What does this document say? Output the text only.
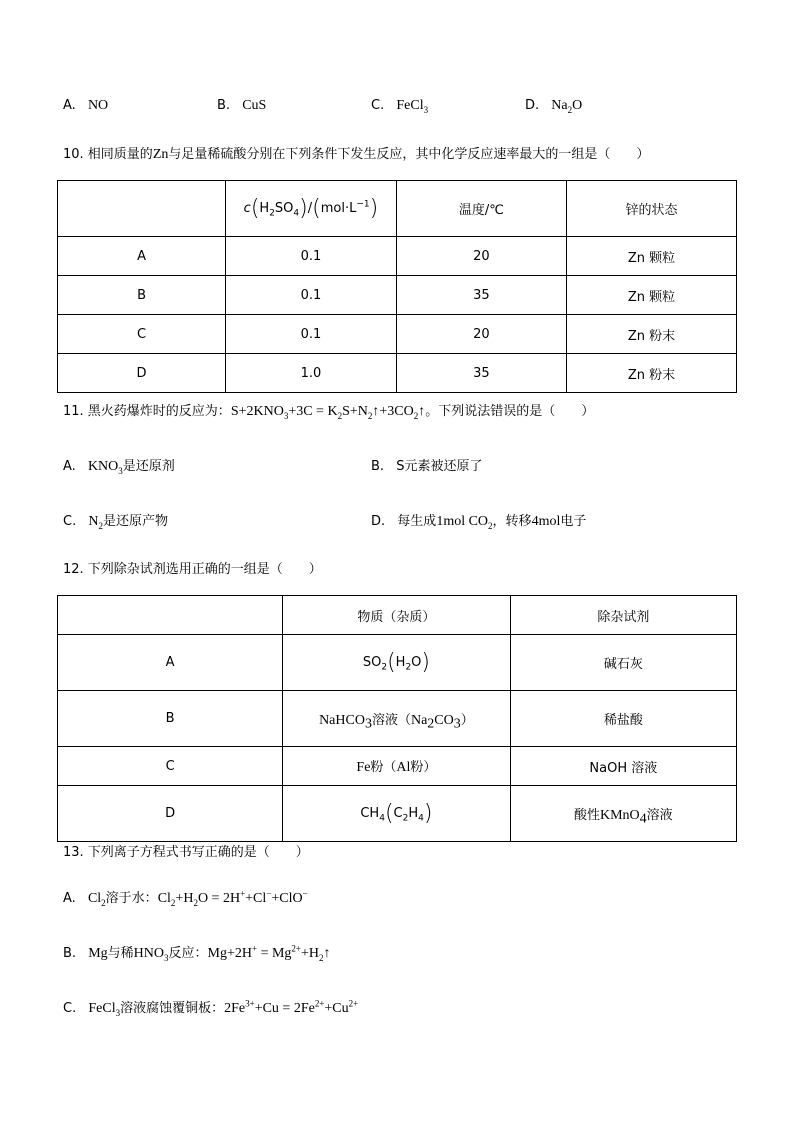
A. NO	B. CuS	C. FeCl$_3$	D. $Na_2O$
10. 相同质量的Zn与足量稀硫酸分别在下列条件下发生反应，其中化学反应速率最大的一组是（　　）
	$c(H_2SO_4)/(mol\cdot L^{-1})$	温度/℃	锌的状态
A	0.1	20	Zn 颗粒
B	0.1	35	Zn 颗粒
C	0.1	20	Zn 粉末
D	1.0	35	Zn 粉末
11. 黑火药爆炸时的反应为：$S+2KNO_3+3C$ = $K_2S+N_2↑+3CO_2↑$。下列说法错误的是（　　）
A. $KNO_3$是还原剂	B. S元素被还原了
C. $N_2$是还原产物	D. 每生成1mol $CO_2$，转移4mol电子
12. 下列除杂试剂选用正确的一组是（　　）
	物质（杂质）	除杂试剂
A	$SO_2(H_2O)$	碱石灰
B	NaHCO$_3$溶液$(Na_2CO_3)$	稀盐酸
C	Fe粉（Al粉）	NaOH 溶液
D	$CH_4(C_2H_4)$	酸性KMnO$_4$溶液
13. 下列离子方程式书写正确的是（　　）
A. $Cl_2$溶于水：$Cl_2+H_2O = 2H^++Cl^-+ClO^-$
B. Mg与稀$HNO_3$反应：$Mg+2H^+ = Mg^{2+}+H_2↑$
C. FeCl$_3$溶液腐蚀覆铜板：$2Fe^{3+}+Cu = 2Fe^{2+}+Cu^{2+}$
